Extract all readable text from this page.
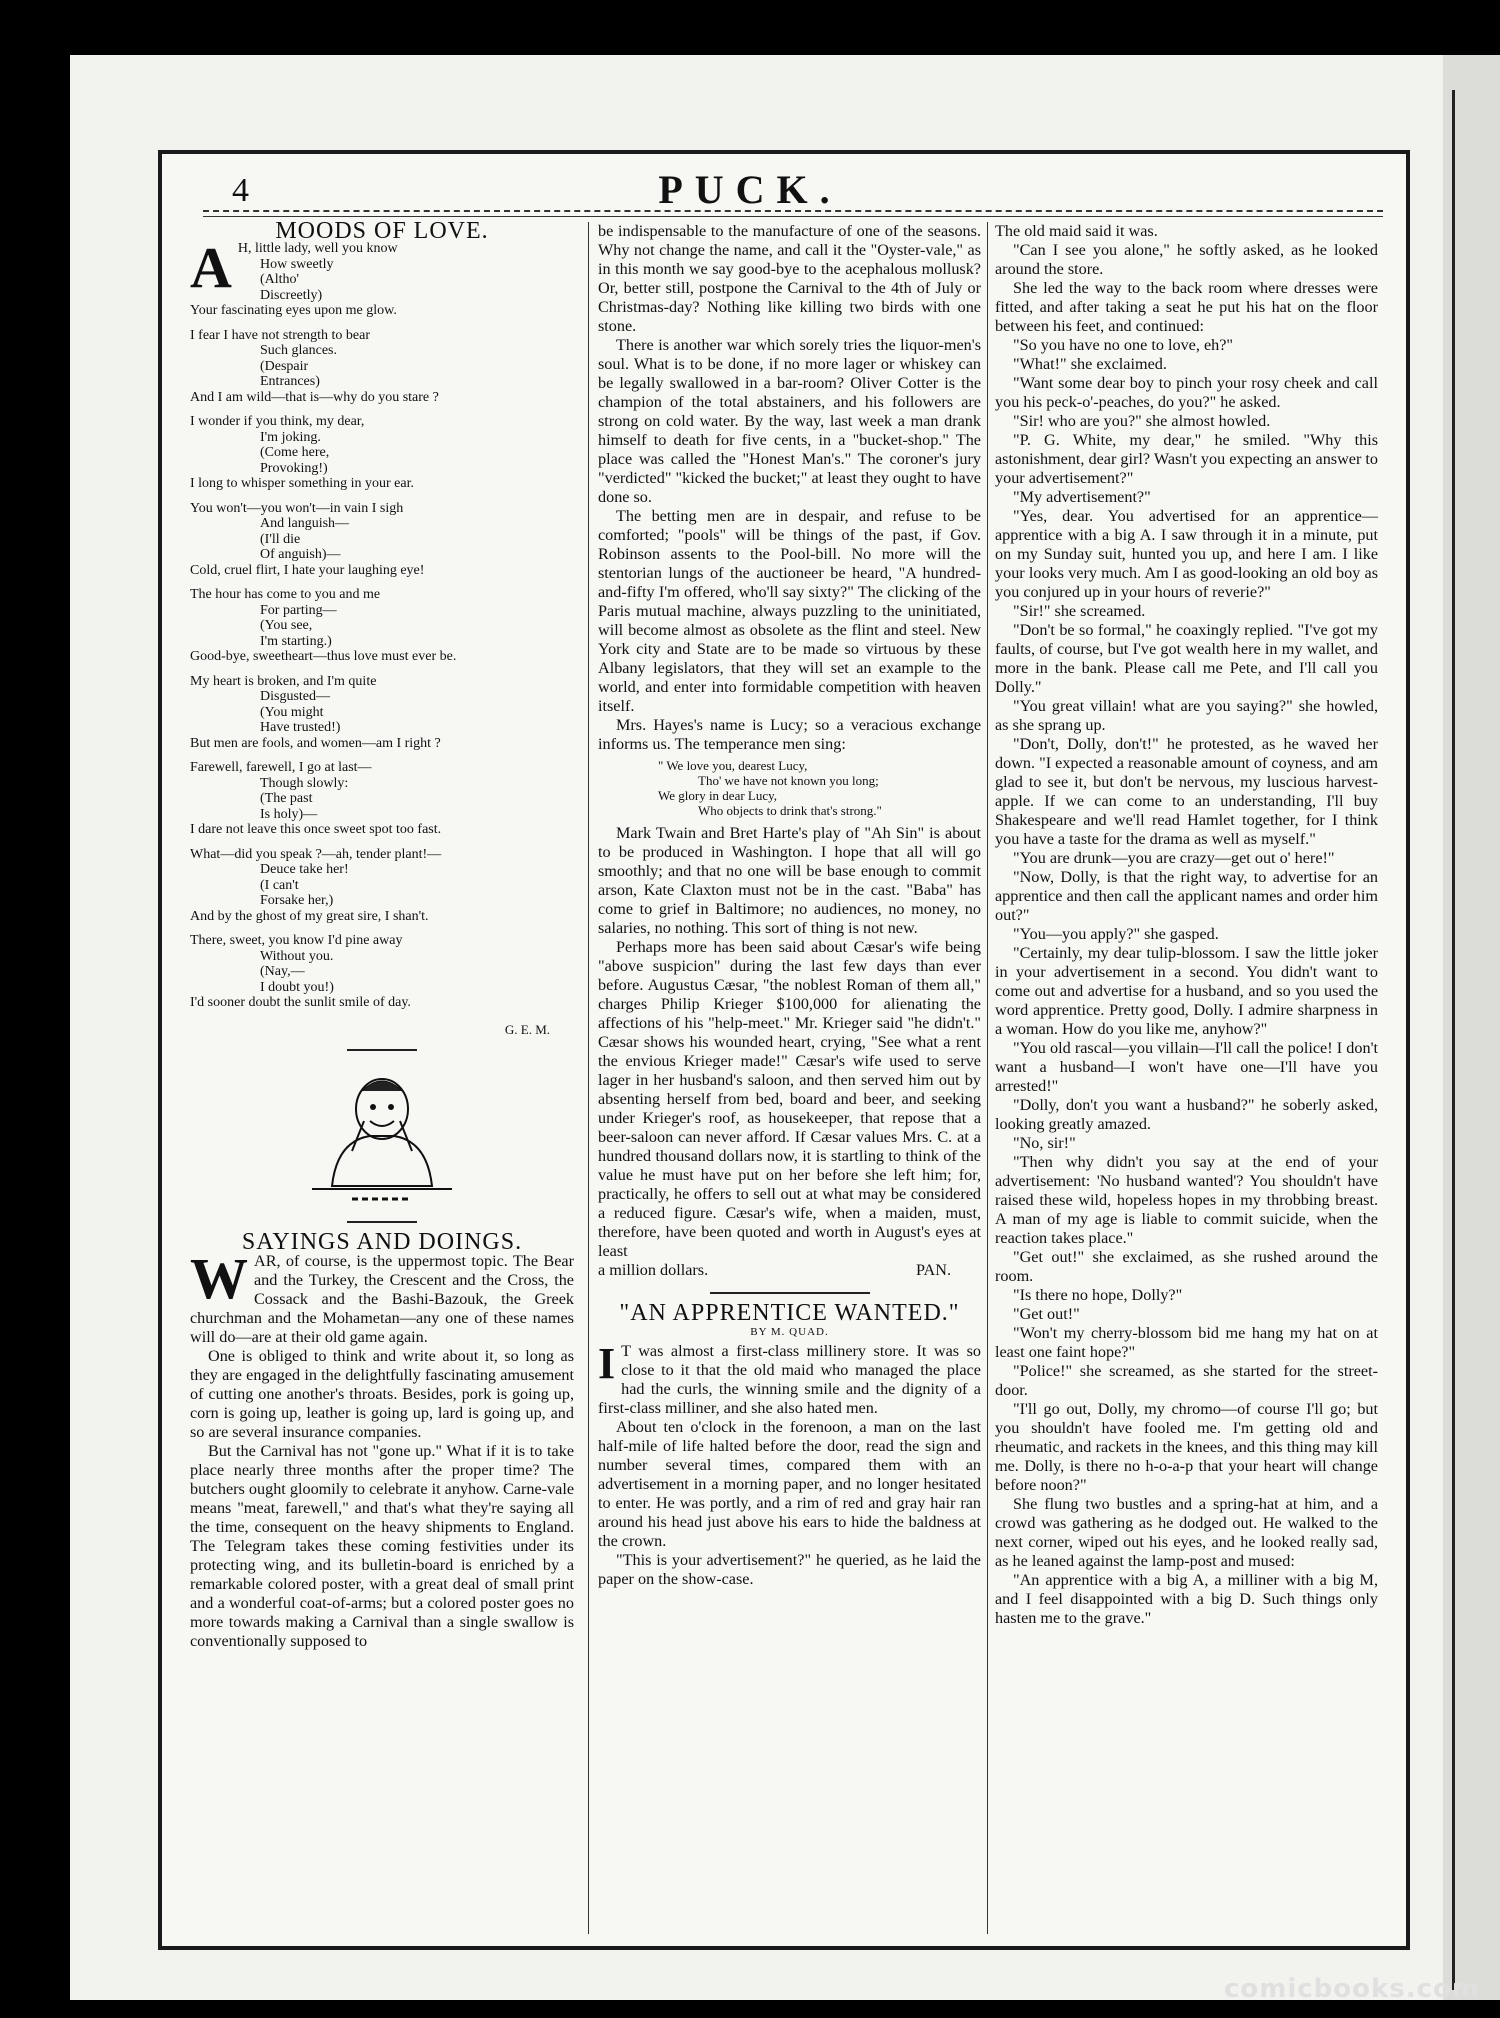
4	PUCK.
MOODS OF LOVE.
A H, little lady, well you know
How sweetly
(Altho'
Discreetly)
Your fascinating eyes upon me glow.
I fear I have not strength to bear
Such glances.
(Despair
Entrances)
And I am wild—that is—why do you stare ?
I wonder if you think, my dear,
I'm joking.
(Come here,
Provoking!)
I long to whisper something in your ear.
You won't—you won't—in vain I sigh
And languish—
(I'll die
Of anguish)—
Cold, cruel flirt, I hate your laughing eye!
The hour has come to you and me
For parting—
(You see,
I'm starting.)
Good-bye, sweetheart—thus love must ever be.
My heart is broken, and I'm quite
Disgusted—
(You might
Have trusted!)
But men are fools, and women—am I right ?
Farewell, farewell, I go at last—
Though slowly:
(The past
Is holy)—
I dare not leave this once sweet spot too fast.
What—did you speak ?—ah, tender plant!—
Deuce take her!
(I can't
Forsake her,)
And by the ghost of my great sire, I shan't.
There, sweet, you know I'd pine away
Without you.
(Nay,—
I doubt you!)
I'd sooner doubt the sunlit smile of day.
G. E. M.
SAYINGS AND DOINGS.
W AR, of course, is the uppermost topic. The Bear and the Turkey, the Crescent and the Cross, the Cossack and the Bashi-Bazouk, the Greek churchman and the Mohametan—any one of these names will do—are at their old game again.

One is obliged to think and write about it, so long as they are engaged in the delightfully fascinating amusement of cutting one another's throats. Besides, pork is going up, corn is going up, leather is going up, lard is going up, and so are several insurance companies.

But the Carnival has not "gone up." What if it is to take place nearly three months after the proper time? The butchers ought gloomily to celebrate it anyhow. Carne-vale means "meat, farewell," and that's what they're saying all the time, consequent on the heavy shipments to England. The Telegram takes these coming festivities under its protecting wing, and its bulletin-board is enriched by a remarkable colored poster, with a great deal of small print and a wonderful coat-of-arms; but a colored poster goes no more towards making a Carnival than a single swallow is conventionally supposed to

be indispensable to the manufacture of one of the seasons. Why not change the name, and call it the "Oyster-vale," as in this month we say good-bye to the acephalous mollusk? Or, better still, postpone the Carnival to the 4th of July or Christmas-day? Nothing like killing two birds with one stone.

There is another war which sorely tries the liquor-men's soul. What is to be done, if no more lager or whiskey can be legally swallowed in a bar-room? Oliver Cotter is the champion of the total abstainers, and his followers are strong on cold water. By the way, last week a man drank himself to death for five cents, in a "bucket-shop." The place was called the "Honest Man's." The coroner's jury "verdicted" "kicked the bucket;" at least they ought to have done so.

The betting men are in despair, and refuse to be comforted; "pools" will be things of the past, if Gov. Robinson assents to the Pool-bill. No more will the stentorian lungs of the auctioneer be heard, "A hundred-and-fifty I'm offered, who'll say sixty?" The clicking of the Paris mutual machine, always puzzling to the uninitiated, will become almost as obsolete as the flint and steel. New York city and State are to be made so virtuous by these Albany legislators, that they will set an example to the world, and enter into formidable competition with heaven itself.

Mrs. Hayes's name is Lucy; so a veracious exchange informs us. The temperance men sing:

" We love you, dearest Lucy,
Tho' we have not known you long;
We glory in dear Lucy,
Who objects to drink that's strong."

Mark Twain and Bret Harte's play of "Ah Sin" is about to be produced in Washington. I hope that all will go smoothly; and that no one will be base enough to commit arson, Kate Claxton must not be in the cast. "Baba" has come to grief in Baltimore; no audiences, no money, no salaries, no nothing. This sort of thing is not new.

Perhaps more has been said about Cæsar's wife being "above suspicion" during the last few days than ever before. Augustus Cæsar, "the noblest Roman of them all," charges Philip Krieger $100,000 for alienating the affections of his "help-meet." Mr. Krieger said "he didn't." Cæsar shows his wounded heart, crying, "See what a rent the envious Krieger made!" Cæsar's wife used to serve lager in her husband's saloon, and then served him out by absenting herself from bed, board and beer, and seeking under Krieger's roof, as housekeeper, that repose that a beer-saloon can never afford. If Cæsar values Mrs. C. at a hundred thousand dollars now, it is startling to think of the value he must have put on her before she left him; for, practically, he offers to sell out at what may be considered a reduced figure. Cæsar's wife, when a maiden, must, therefore, have been quoted and worth in August's eyes at least

a million dollars.	PAN.
"AN APPRENTICE WANTED."
BY M. QUAD.
I T was almost a first-class millinery store. It was so close to it that the old maid who managed the place had the curls, the winning smile and the dignity of a first-class milliner, and she also hated men.

About ten o'clock in the forenoon, a man on the last half-mile of life halted before the door, read the sign and number several times, compared them with an advertisement in a morning paper, and no longer hesitated to enter. He was portly, and a rim of red and gray hair ran around his head just above his ears to hide the baldness at the crown.

"This is your advertisement?" he queried, as he laid the paper on the show-case.

The old maid said it was.

"Can I see you alone," he softly asked, as he looked around the store.

She led the way to the back room where dresses were fitted, and after taking a seat he put his hat on the floor between his feet, and continued:

"So you have no one to love, eh?"

"What!" she exclaimed.

"Want some dear boy to pinch your rosy cheek and call you his peck-o'-peaches, do you?" he asked.

"Sir! who are you?" she almost howled.

"P. G. White, my dear," he smiled. "Why this astonishment, dear girl? Wasn't you expecting an answer to your advertisement?"

"My advertisement?"

"Yes, dear. You advertised for an apprentice—apprentice with a big A. I saw through it in a minute, put on my Sunday suit, hunted you up, and here I am. I like your looks very much. Am I as good-looking an old boy as you conjured up in your hours of reverie?"

"Sir!" she screamed.

"Don't be so formal," he coaxingly replied. "I've got my faults, of course, but I've got wealth here in my wallet, and more in the bank. Please call me Pete, and I'll call you Dolly."

"You great villain! what are you saying?" she howled, as she sprang up.

"Don't, Dolly, don't!" he protested, as he waved her down. "I expected a reasonable amount of coyness, and am glad to see it, but don't be nervous, my luscious harvest-apple. If we can come to an understanding, I'll buy Shakespeare and we'll read Hamlet together, for I think you have a taste for the drama as well as myself."

"You are drunk—you are crazy—get out o' here!"

"Now, Dolly, is that the right way, to advertise for an apprentice and then call the applicant names and order him out?"

"You—you apply?" she gasped.

"Certainly, my dear tulip-blossom. I saw the little joker in your advertisement in a second. You didn't want to come out and advertise for a husband, and so you used the word apprentice. Pretty good, Dolly. I admire sharpness in a woman. How do you like me, anyhow?"

"You old rascal—you villain—I'll call the police! I don't want a husband—I won't have one—I'll have you arrested!"

"Dolly, don't you want a husband?" he soberly asked, looking greatly amazed.

"No, sir!"

"Then why didn't you say at the end of your advertisement: 'No husband wanted'? You shouldn't have raised these wild, hopeless hopes in my throbbing breast. A man of my age is liable to commit suicide, when the reaction takes place."

"Get out!" she exclaimed, as she rushed around the room.

"Is there no hope, Dolly?"

"Get out!"

"Won't my cherry-blossom bid me hang my hat on at least one faint hope?"

"Police!" she screamed, as she started for the street-door.

"I'll go out, Dolly, my chromo—of course I'll go; but you shouldn't have fooled me. I'm getting old and rheumatic, and rackets in the knees, and this thing may kill me. Dolly, is there no h-o-a-p that your heart will change before noon?"

She flung two bustles and a spring-hat at him, and a crowd was gathering as he dodged out. He walked to the next corner, wiped out his eyes, and he looked really sad, as he leaned against the lamp-post and mused:

"An apprentice with a big A, a milliner with a big M, and I feel disappointed with a big D. Such things only hasten me to the grave."

comicbooks.com
